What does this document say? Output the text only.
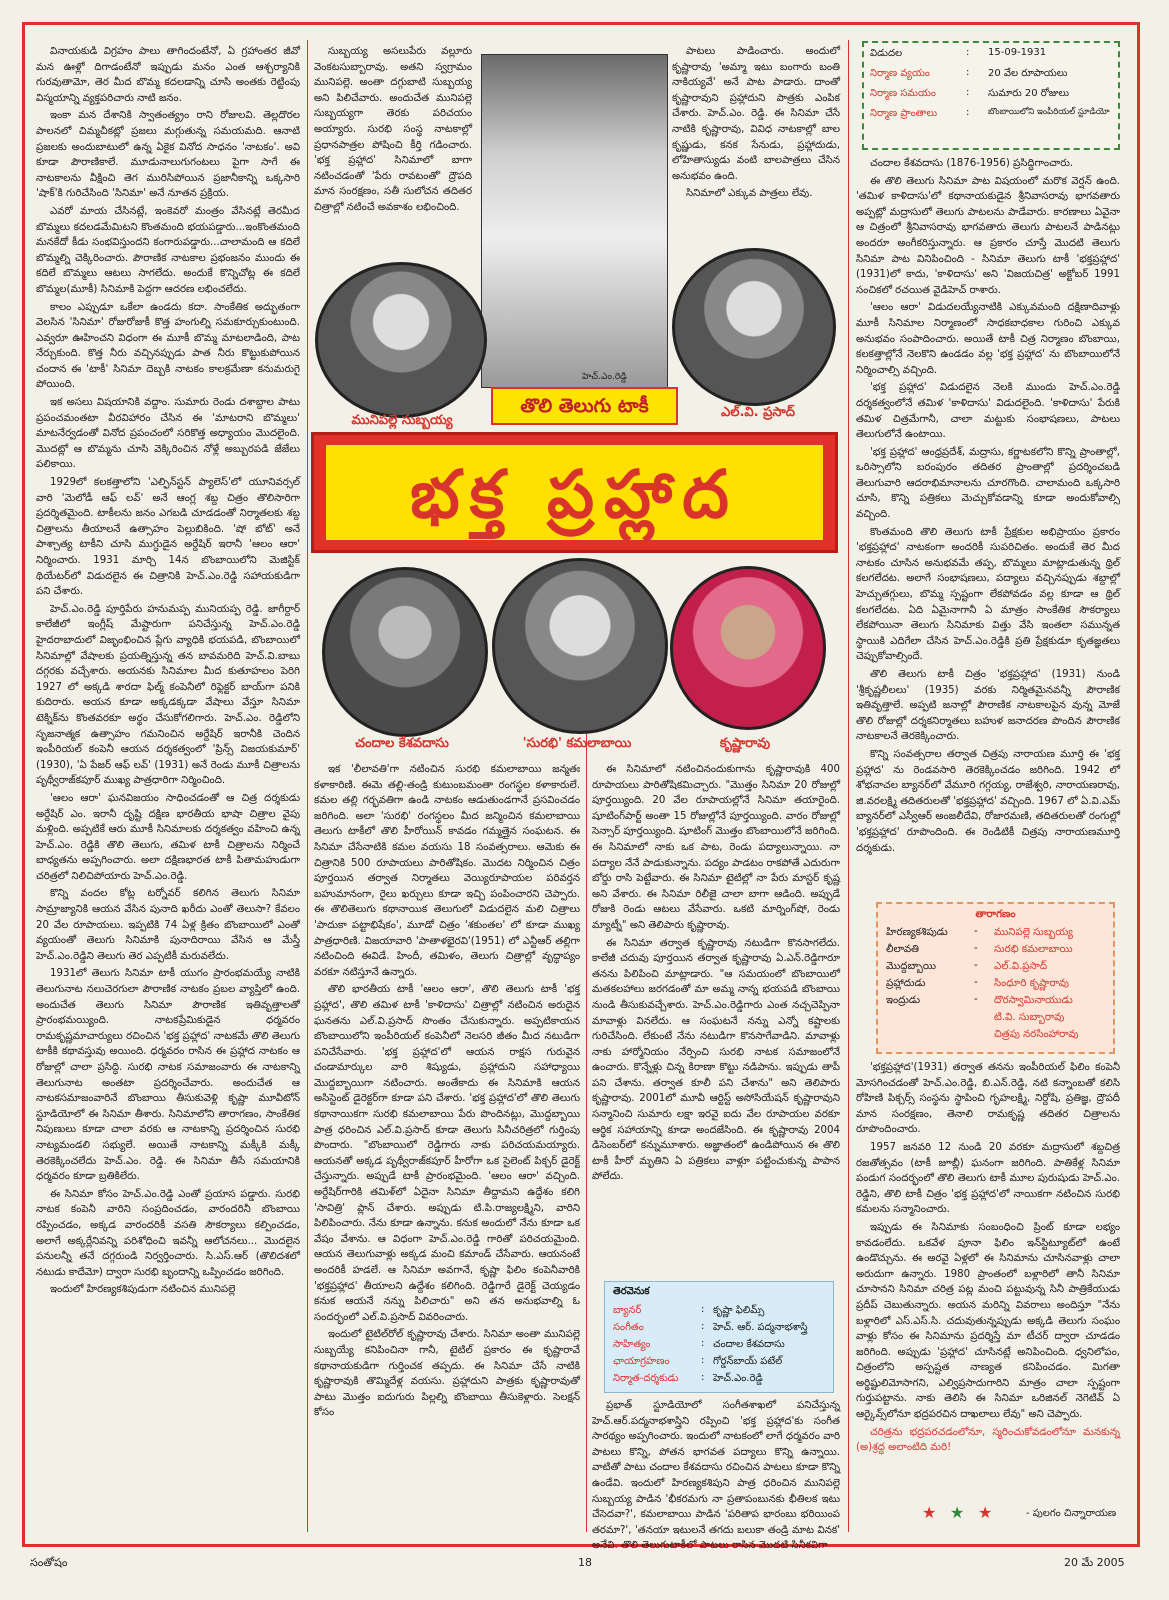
వినాయకుడి విగ్రహం పాలు తాగిందంటేనో, ఏ గ్రహాంతర జీవో మన ఊళ్లో దిగాడంటేనో ఇప్పుడు మనం ఎంత ఆశ్చర్యానికి గురవుతామో, తెర మీద బొమ్మ కదలడాన్ని చూసి అంతకు రెట్టింపు విస్మయాన్ని వ్యక్తపరిచారు నాటి జనం.

ఇంకా మన దేశానికి స్వాతంత్య్రం రాని రోజులవి. తెల్లదొరల పాలనలో చిమ్మచీకట్లో ప్రజలు మగ్గుతున్న సమయమది. ఆనాటి ప్రజలకు అందుబాటులో ఉన్న ఏకైక వినోద సాధనం 'నాటకం'. అవి కూడా పౌరాణికాలే. మూడునాలుగుగంటలు పైగా సాగే ఈ నాటకాలను వీక్షించి తెగ మురిసిపోయిన ప్రజానీకాన్ని ఒక్కసారి 'షాక్'కి గురిచేసింది 'సినిమా' అనే నూతన ప్రక్రియ.

ఎవరో మాయ చేసినట్లే, ఇంకెవరో మంత్రం వేసినట్లే తెరమీద బొమ్మలు కదలడమేమిటని కొంతమంది భయపడ్డారు...ఇంకొంతమంది మనకేదో కీడు సంభవిస్తుందని కంగారుపడ్డారు...చాలామంది ఆ కదిలే బొమ్మల్ని చెక్కిరించారు. పౌరాణిక నాటకాల ప్రభంజనం ముందు ఈ కదిలే బొమ్మలు ఆటలు సాగలేదు. అందుకే కొన్నిచోట్ల ఈ కదిలే బొమ్మల(మూకీ) సినిమాకి పెద్దగా ఆదరణ లభించలేదు.

కాలం ఎప్పుడూ ఒకేలా ఉండదు కదా. సాంకేతిక అద్భుతంగా వెలసిన 'సినిమా' రోజురోజుకీ కొత్త హంగుల్ని సమకూర్చుకుంటుంది. ఎవ్వరూ ఊహించని విధంగా ఈ మూకీ బొమ్మ మాటలాడింది, పాట నేర్చుకుంది. కొత్త నీరు వచ్చినప్పుడు పాత నీరు కొట్టుకుపోయిన చందాన ఈ 'టాకీ' సినిమా దెబ్బకి నాటకం కాలక్రమేణా కనుమరుగై పోయింది.

ఇక అసలు విషయానికి వద్దాం. సుమారు రెండు దశాబ్దాల పాటు ప్రపంచమంతటా వీరవిహారం చేసిన ఈ 'మాటరాని బొమ్మలు' మాటనేర్వడంతో వినోద ప్రపంచంలో సరికొత్త అధ్యాయం మొదలైంది. మొదట్లో ఆ బొమ్మను చూసి వెక్కిరించిన నోళ్లే అబ్బురపడి జేజేలు పలికాయి.

1929లో కలకత్తాలోని 'ఎల్ఫిన్‌స్టన్ ప్యాలెస్'లో యూనివర్సల్ వారి 'మెలోడీ ఆఫ్ లవ్' అనే ఆంగ్ల శబ్ద చిత్రం తొలిసారిగా ప్రదర్శితమైంది. టాకీలను జనం ఎగబడి చూడడంతో నిర్మాతలకు శబ్ద చిత్రాలను తీయాలనే ఉత్సాహం పెల్లుబికింది. 'షో బోట్' అనే పాశ్చాత్య టాకీని చూసి ముగ్ధుడైన అర్దేషిర్ ఇరానీ 'ఆలం ఆరా' నిర్మించారు. 1931 మార్చి 14న బొంబాయిలోని మెజిస్టిక్ థియేటర్‌లో విడుదలైన ఈ చిత్రానికి హెచ్.ఎం.రెడ్డి సహాయకుడిగా పని చేశారు.

హెచ్.ఎం.రెడ్డి పూర్తిపేరు హనుమప్ప మునియప్ప రెడ్డి. జాగీర్దార్ కాలేజీలో ఇంగ్లీష్ మేష్టారుగా పనిచేస్తున్న హెచ్.ఎం.రెడ్డి హైదరాబాదులో విజృంభించిన ప్లేగు వ్యాధికి భయపడి, బొంబాయిలో సినిమాల్లో వేషాలకు ప్రయత్నిస్తున్న తన బావమరిది హెచ్.వి.బాబు దగ్గరకు వచ్చేశారు. అయనకు సినిమాల మీద కుతూహలం పెరిగి 1927 లో అక్కడి శారదా ఫిల్మ్ కంపెనీలో రిఫ్లెక్టర్ బాయ్‌గా పనికి కుదిరారు. అయన కూడా అక్కడక్కడా వేషాలు వేస్తూ సినిమా టెక్నిక్‌ను కొంతవరకూ అర్థం చేసుకోగలిగారు. హెచ్.ఎం. రెడ్డిలోని సృజనాత్మక ఉత్సాహం గమనించిన అర్దేషిర్ ఇరానీకి చెందిన ఇంపీరియల్ కంపెనీ ఆయన దర్శకత్వంలో 'ప్రిన్స్ విజయకుమార్' (1930), 'ఏ పేజర్ ఆఫ్ లవ్' (1931) అనే రెండు మూకీ చిత్రాలను పృథ్వీరాజ్‌కపూర్ ముఖ్య పాత్రధారిగా నిర్మించింది.

'ఆలం ఆరా' ఘనవిజయం సాధించడంతో ఆ చిత్ర దర్శకుడు అర్దేషిర్ ఎం. ఇరానీ దృష్టి దక్షిణ భారతీయ భాషా చిత్రాల వైపు మళ్లింది. అప్పటికే ఆరు మూకీ సినిమాలకు దర్శకత్వం వహించి ఉన్న హెచ్.ఎం. రెడ్డికి తొలి తెలుగు, తమిళ టాకీ చిత్రాలను నిర్మించే బాధ్యతను అప్పగించారు. అలా దక్షిణభారత టాకీ పితామహుడుగా చరిత్రలో నిలిచిపోయారు హెచ్.ఎం.రెడ్డి.

కొన్ని వందల కోట్ల టర్నోవర్ కలిగిన తెలుగు సినిమా సామ్రాజ్యానికి ఆయన వేసిన పునాది ఖరీదు ఎంతో తెలుసా? కేవలం 20 వేల రూపాయలు. ఇప్పటికి 74 ఏళ్ల క్రితం బొంబాయిలో ఎంతో వ్యయంతో తెలుగు సినిమాకి పునాదిరాయి వేసిన ఆ మేస్త్రీ హెచ్.ఎం.రెడ్డిని తెలుగు తెర ఎప్పటికీ మరువలేదు.

1931లో తెలుగు సినిమా టాకీ యుగం ప్రారంభమయ్యే నాటికి తెలుగునాట నలుచెరగులా పౌరాణిక నాటకం ప్రబల వ్యాప్తిలో ఉంది. అందుచేత తెలుగు సినిమా పౌరాణిక ఇతివృత్తాలతో ప్రారంభమయ్యింది. నాటకప్రేమికుడైన ధర్మవరం రామకృష్ణమాచార్యులు రచించిన 'భక్త ప్రహ్లాద' నాటకమే తొలి తెలుగు టాకీకి కథావస్తువు అయింది. ధర్మవరం రాసిన ఈ ప్రహ్లాద నాటకం ఆ రోజుల్లో చాలా ప్రసిద్ధి. సురభి నాటక సమాజంవారు ఈ నాటకాన్ని తెలుగునాట అంతటా ప్రదర్శించేవారు. అందుచేత ఆ నాటకసమాజంవారినే బొంబాయి తీసుకువెళ్లి కృష్ణా మూవీటోన్ స్టూడియోలో ఈ సినిమా తీశారు. సినిమాలోని తారాగణం, సాంకేతిక నిపుణులు కూడా చాలా వరకు ఆ నాటకాన్ని ప్రదర్శించిన సురభి నాట్యమండలి సభ్యులే. అయితే నాటకాన్ని మక్కీకి మక్కీ తెరకెక్కించలేదు హెచ్.ఎం. రెడ్డి. ఈ సినిమా తీసే సమయానికి ధర్మవరం కూడా బ్రతికిలేరు.

ఈ సినిమా కోసం హెచ్.ఎం.రెడ్డి ఎంతో ప్రయాస పడ్డారు. సురభి నాటక కంపెనీ వారిని సంప్రదించడం, వారందరినీ బొంబాయి రప్పించడం, అక్కడ వారందరికీ వసతి సౌకర్యాలు కల్పించడం, అలాగే అక్కర్లేనివన్ని పరిశోధించి ఇవన్నీ ఆలోచనలు... మొదలైన పనులన్నీ తనే దగ్గరుండి నిర్వర్తించారు. సి.ఎస్.ఆర్ (తొలిదశలో నటుడు కాదేమో) ద్వారా సురభి బృందాన్ని ఒప్పించడం జరిగింది.

ఇందులో హిరణ్యకశిపుడుగా నటించిన మునిపల్లె

సుబ్బయ్య అసలుపేరు వల్లూరు వెంకటసుబ్బారావు. అతని స్వగ్రామం మునిపల్లె. అంతా దగ్గుబాటి సుబ్బయ్య అని పిలిచేవారు. అందుచేత మునిపల్లె సుబ్బయ్యగా తెరకు పరిచయం అయ్యారు. సురభి సంస్థ నాటకాల్లో ప్రధానపాత్రల పోషించి కీర్తి గడించారు. 'భక్త ప్రహ్లాద' సినిమాలో బాగా నటించడంతో 'పేరు రావటంతో' ద్రౌపది మాన సంరక్షణం, సతీ సులోచన తదితర చిత్రాల్లో నటించే అవకాశం లభించింది.

పాటలు పాడించారు. అందులో కృష్ణారావు 'అమ్మా ఇటు బంగారు బంతి నాకియ్యవే' అనే పాట పాడారు. దాంతో కృష్ణారావుని ప్రహ్లాదుని పాత్రకు ఎంపిక చేశారు. హెచ్.ఎం. రెడ్డి. ఈ సినిమా చేసే నాటికి కృష్ణారావు, వివిధ నాటకాల్లో బాల కృష్ణుడు, కనక సేనుడు, ప్రహ్లాదుడు, లోహితాస్యుడు వంటి బాలపాత్రలు చేసిన అనుభవం ఉంది.

సినిమాలో ఎక్కువ పాత్రలు లేవు.

హెచ్.ఎం.రెడ్డి
మునిపల్లె సుబ్బయ్య
ఎల్.వి. ప్రసాద్
తొలి తెలుగు టాకీ
భక్త ప్రహ్లాద
చందాల కేశవదాసు	'సురభి' కమలాబాయి	కృష్ణారావు

ఇక 'లీలావతి'గా నటించిన సురభి కమలాబాయి జన్మతః కళాకారిణి. ఈమె తల్లి-తండ్రి కుటుంబమంతా రంగస్థల కళాకారులే. కమల తల్లి గర్భవతిగా ఉండి నాటకం ఆడుతుండగానే ప్రసవించడం జరిగింది. అలా 'సురభి' రంగస్థలం మీద జన్మించిన కమలాబాయి తెలుగు టాకీలో తొలి హీరోయిన్ కావడం గమ్మత్తైన సంఘటన. ఈ సినిమా చేసేనాటికి కమల వయసు 18 సంవత్సరాలు. ఆమెకు ఈ చిత్రానికి 500 రూపాయలు పారితోషికం. మొదట నిర్మించిన చిత్రం పూర్తయిన తర్వాత నిర్మాతలు వెయ్యిరూపాయల పరివర్తన బహుమానంగా, రైలు ఖర్చులు కూడా ఇచ్చి పంపించారని చెప్పారు. ఈ తొలితెలుగు కథానాయిక తెలుగులో విడుదలైన మలి చిత్రాలు 'పాదుకా పట్టాభిషేకం', మూడో చిత్రం 'శకుంతల' లో కూడా ముఖ్య పాత్రధారిణి. విజయావారి 'పాతాళభైరవి'(1951) లో ఎన్టీఆర్ తల్లిగా నటించింది ఈవిడే. హిందీ, తమిళం, తెలుగు చిత్రాల్లో వృద్ధాప్యం వరకూ నటిస్తూనే ఉన్నారు.

తొలి భారతీయ టాకీ 'ఆలం ఆరా', తొలి తెలుగు టాకీ 'భక్త ప్రహ్లాద', తొలి తమిళ టాకీ 'కాళిదాసు' చిత్రాల్లో నటించిన అరుదైన ఘనతను ఎల్.వి.ప్రసాద్ సొంతం చేసుకున్నారు. అప్పటికాయన బొంబాయిలోని ఇంపీరియల్ కంపెనీలో నెలసరి జీతం మీద నటుడిగా పనిచేసేవారు. 'భక్త ప్రహ్లాద'లో ఆయన రాక్షస గురువైన చండామార్కుల వారి శిష్యుడు, ప్రహ్లాదుని సహాధ్యాయి మొద్దబ్బాయిగా నటించారు. అంతేకాదు ఈ సినిమాకి ఆయన అసిస్టెంట్ డైరెక్టర్‌గా కూడా పని చేశారు. 'భక్త ప్రహ్లాద'లో తొలి తెలుగు కథానాయికగా సురభి కమలాబాయి పేరు పొందినట్లు, మొద్దబ్బాయి పాత్ర ధరించిన ఎల్.వి.ప్రసాద్ కూడా తెలుగు సినీచరిత్రలో గుర్తింపు పొందారు. "బొంబాయిలో రెడ్డిగారు నాకు పరిచయమయ్యారు. ఆయనతో అక్కడ పృథ్వీరాజ్‌కపూర్ హీరోగా ఒక సైలెంట్ పిక్చర్ డైరెక్ట్ చేస్తున్నారు. అప్పుడే టాకీ ప్రారంభమైంది. 'ఆలం ఆరా' వచ్చింది. అర్దేషిర్‌గారికి తమిళ్‌లో ఏదైనా సినిమా తీద్దామని ఉద్దేశం కలిగి 'సావిత్రి' ప్లాన్ చేశారు. అప్పుడు టి.పి.రాజ్యలక్ష్మిని, వారిని పిలిపించారు. నేను కూడా ఉన్నాను. కనుక అందులో నేను కూడా ఒక వేషం వేశాను. ఆ విధంగా హెచ్.ఎం.రెడ్డి గారితో పరిచయమైంది. ఆయన తెలుగువాళ్లు అక్కడ మంచి కమాండ్ చేసేవారు. ఆయనంటే అందరికీ హడలే. ఆ సినిమా అవగానే, కృష్ణా ఫిలిం కంపెనీవారికి 'భక్తప్రహ్లాద' తీయాలని ఉద్దేశం కలిగింది. రెడ్డిగారే డైరెక్ట్ చెయ్యడం కనుక ఆయనే నన్ను పిలిచారు" అని తన అనుభవాల్ని ఓ సందర్భంలో ఎల్.వి.ప్రసాద్ వివరించారు.

ఇందులో టైటిల్‌రోల్ కృష్ణారావు చేశారు. సినిమా అంతా మునిపల్లె సుబ్బయ్యే కనిపించినా గానీ, టైటిల్ ప్రకారం ఈ కృష్ణారావే కథానాయకుడిగా గుర్తించక తప్పదు. ఈ సినిమా చేసే నాటికి కృష్ణారావుకి తొమ్మిదేళ్ల వయసు. ప్రహ్లాదుని పాత్రకు కృష్ణారావుతో పాటు మొత్తం ఐదుగురు పిల్లల్ని బొంబాయి తీసుకెళ్లారు. సెలక్షన్ కోసం

ఈ సినిమాలో నటించినందుకుగాను కృష్ణారావుకి 400 రూపాయలు పారితోషికమిచ్చారు. "మొత్తం సినిమా 20 రోజుల్లో పూర్తయ్యింది. 20 వేల రూపాయల్లోనే సినిమా తయారైంది. షూటింగ్‌పార్ట్ అంతా 15 రోజుల్లోనే పూర్తయ్యింది. వారం రోజుల్లో సెన్సార్ పూర్తయ్యింది. షూటింగ్ మొత్తం బొంబాయిలోనే జరిగింది. ఈ సినిమాలో నాకు ఒక పాట, రెండు పద్యాలున్నాయి. నా పద్యాల నేనే పాడుకున్నాను. పద్యం పాడటం రాకపోతే ఎదురుగా బోర్డు రాసి పెట్టేవారు. ఈ సినిమా టైటిల్లో నా పేరు మాస్టర్ కృష్ణ అని వేశారు. ఈ సినిమా రిలీజై చాలా బాగా ఆడింది. అప్పుడే రోజుకి రెండు ఆటలు వేసేవారు. ఒకటి మార్నింగ్‌షో, రెండు మ్యాట్నీ" అని తెలిపారు కృష్ణారావు.

ఈ సినిమా తర్వాత కృష్ణారావు నటుడిగా కొనసాగలేదు. కాలేజీ చదువు పూర్తయిన తర్వాత కృష్ణారావు ఏ.ఎన్.రెడ్డిగారూ తనను పిలిపించి మాట్లాడారు. "ఆ సమయంలో బొంబాయిలో మతకలహాలు జరగడంతో మా అమ్మ నాన్న భయపడి బొంబాయి నుండి తీసుకువచ్చేశారు. హెచ్.ఎం.రెడ్డిగారు ఎంత నచ్చచెప్పినా మావాళ్లు వినలేదు. ఆ సంఘటనే నన్ను ఎన్నో కష్టాలకు గురిచేసింది. లేకుంటే నేను నటుడిగా కొనసాగేవాడిని. మావాళ్లు నాకు హార్మోనియం నేర్పించి సురభి నాటక సమాజంలోనే ఉంచారు. కొన్నేళ్లు చిన్న కిరాణా కొట్టు నడిపాను. ఇప్పుడు తాపీ పని చేశాను. తర్వాత కూలీ పని చేశాను" అని తెలిపారు కృష్ణారావు. 2001లో మూవీ ఆర్టిస్ట్ అసోసియేషన్ కృష్ణారావుని సన్మానించి సుమారు లక్షా ఇరవై ఐదు వేల రూపాయల వరకూ ఆర్థిక సహాయాన్ని కూడా అందజేసింది. ఈ కృష్ణారావు 2004 డిసెంబర్‌లో కన్నుమూశారు. అజ్ఞాతంలో ఉండిపోయిన ఈ తొలి టాకీ హీరో మృతిని ఏ పత్రికలు వాళ్లూ పట్టించుకున్న పాపాన పోలేదు.

తెరవెనుక
బ్యానర్	: కృష్ణా ఫిలిమ్స్
సంగీతం	: హెచ్. ఆర్. పద్మనాభశాస్త్రి
సాహిత్యం	: చందాల కేశవదాసు
ఛాయాగ్రహణం	: గోర్డన్‌బాయ్ పటేల్
నిర్మాత-దర్శకుడు : హెచ్.ఎం.రెడ్డి

ప్రభాత్ స్టూడియోలో సంగీతశాఖలో పనిచేస్తున్న హెచ్.ఆర్.పద్మనాభశాస్త్రిని రప్పించి 'భక్త ప్రహ్లాద'కు సంగీత సారథ్యం అప్పగించారు. ఇందులో నాటకంలో లాగే ధర్మవరం వారి పాటలు కొన్ని, పోతన భాగవత పద్యాలు కొన్ని ఉన్నాయి. వాటితో పాటు చందాల కేశవదాసు రచించిన పాటలు కూడా కొన్ని ఉండేవి. ఇందులో హిరణ్యకశిపుని పాత్ర ధరించిన మునిపల్లె సుబ్బయ్య పాడిన 'భీకరమగు నా ప్రతాపంబునకు భీతిలక ఇటు చేసెదవా?', కమలాబాయి పాడిన 'పరితాప భారంబు భరియింప తరమా?', 'తనయా ఇటులనే తగదు బలుకా తండ్రి మాట వినక' అనేవి. తొలి తెలుగుటాకీలో పాటలు రాసిన మొదటి సినీకవిగా

విడుదల	: 15-09-1931
నిర్మాణ వ్యయం	: 20 వేల రూపాయలు
నిర్మాణ సమయం	: సుమారు 20 రోజులు
నిర్మాణ ప్రాంతాలు	: బొంబాయిలోని ఇంపీరియల్ స్టూడియో

చందాల కేశవదాసు (1876-1956) ప్రసిద్ధిగాంచారు.

ఈ తొలి తెలుగు సినిమా పాట విషయంలో మరొక వెర్షన్ ఉంది. 'తమిళ కాళిదాసు'లో కథానాయకుడైన శ్రీనివాసరావు భాగవతారు అప్పట్లో మద్రాసులో తెలుగు పాటలను పాడేవారు. కారణాలు ఏవైనా ఆ చిత్రంలో శ్రీనివాసరావు భాగవతారు తెలుగు పాటలనే పాడినట్లు అందరూ అంగీకరిస్తున్నారు. ఆ ప్రకారం చూస్తే మొదటి తెలుగు సినిమా పాట వినిపించింది - సినిమా తెలుగు టాకీ 'భక్తప్రహ్లాద' (1931)లో కాదు, 'కాళిదాసు' అని 'విజయచిత్ర' అక్టోబర్ 1991 సంచికలో రచయిత వైడిహెచ్ రాశారు.

'ఆలం ఆరా' విడుదలయ్యేనాటికి ఎక్కువమంది దక్షిణాదివాళ్లు మూకీ సినిమాల నిర్మాణంలో సాధకబాధకాల గురించి ఎక్కువ అనుభవం సంపాదించారు. అయితే టాకీ చిత్ర నిర్మాణం బొంబాయి, కలకత్తాల్లోనే నెలకొని ఉండడం వల్ల 'భక్త ప్రహ్లాద' ను బొంబాయిలోనే నిర్మించాల్సి వచ్చింది.

'భక్త ప్రహ్లాద' విడుదలైన నెలకి ముందు హెచ్.ఎం.రెడ్డి దర్శకత్వంలోనే తమిళ 'కాళిదాసు' విడుదలైంది. 'కాళిదాసు' పేరుకి తమిళ చిత్రమేగానీ, చాలా మట్టుకు సంభాషణలు, పాటలు తెలుగులోనే ఉంటాయి.

'భక్త ప్రహ్లాద' ఆంధ్రప్రదేశ్, మద్రాసు, కర్ణాటకలోని కొన్ని ప్రాంతాల్లో, ఒరిస్సాలోని బరంపురం తదితర ప్రాంతాల్లో ప్రదర్శించబడి తెలుగువారి ఆదరాభిమానాలను చూరగొంది. చాలామంది ఒక్కసారి చూసి, కొన్ని పత్రికలు మెచ్చుకోవడాన్ని కూడా అందుకోవాల్సి వచ్చింది.

కొంతమంది తొలి తెలుగు టాకీ ప్రేక్షకుల అభిప్రాయం ప్రకారం 'భక్తప్రహ్లాద' నాటకంగా అందరికీ సుపరిచితం. అందుకే తెర మీద నాటకం చూసిన అనుభవమే తప్ప, బొమ్మలు మాట్లాడుతున్న థ్రిల్ కలగలేదట. అలాగే సంభాషణలు, పద్యాలు వచ్చినప్పుడు శబ్దాల్లో హెచ్చుతగ్గులు, బొమ్మ స్పష్టంగా లేకపోవడం వల్ల కూడా ఆ థ్రిల్ కలగలేదట. ఏది ఏమైనాగానీ ఏ మాత్రం సాంకేతిక సౌకర్యాలు లేకపోయినా తెలుగు సినిమాకు విత్తు వేసి ఇంతలా సమున్నత స్థాయికి ఎదిగేలా చేసిన హెచ్.ఎం.రెడ్డికి ప్రతి ప్రేక్షకుడూ కృతజ్ఞతలు చెప్పుకోవాల్సిందే.

తొలి తెలుగు టాకీ చిత్రం 'భక్తప్రహ్లాద' (1931) నుండి 'శ్రీకృష్ణలీలలు' (1935) వరకు నిర్మితమైనవన్నీ పౌరాణిక ఇతివృత్తాలే. అప్పటి జనాల్లో పౌరాణిక నాటకాలపైన వున్న మోజే తొలి రోజుల్లో దర్శకనిర్మాతలు బహుళ జనాదరణ పొందిన పౌరాణిక నాటకాలనే తెరకెక్కించారు.

కొన్ని సంవత్సరాల తర్వాత చిత్రపు నారాయణ మూర్తి ఈ 'భక్త ప్రహ్లాద' ను రెండవసారి తెరకెక్కించడం జరిగింది. 1942 లో శోభనాచల బ్యానర్‌లో వేమూరి గగ్గయ్య, రాజేశ్వరి, నారాయణరావు, జి.వరలక్ష్మి తదితరులతో 'భక్తప్రహ్లాద' వచ్చింది. 1967 లో ఏ.వి.ఎమ్ బ్యానర్‌లో ఎస్వీఆర్ అంజలీదేవి, రోజారమణి, తదితరులతో రంగుల్లో 'భక్తప్రహ్లాద' రూపొందింది. ఈ రెండిటికీ చిత్రపు నారాయణమూర్తి దర్శకుడు.

తారాగణం
హిరణ్యకశిపుడు	- మునిపల్లె సుబ్బయ్య
లీలావతి	- సురభి కమలాబాయి
మొద్దబ్బాయి	- ఎల్.వి.ప్రసాద్
ప్రహ్లాదుడు	- సింధూరి కృష్ణారావు
ఇంద్రుడు	- దొరస్వామినాయుడు
టి.వి. సుబ్బారావు
చిత్రపు నరసింహారావు

'భక్తప్రహ్లాద'(1931) తర్వాత తనను ఇంపీరియల్ ఫిలిం కంపెనీ మోసగించడంతో హెచ్.ఎం.రెడ్డి, బి.ఎన్.రెడ్డి, నటి కన్నాంబతో కలిసి రోహిణి పిక్చర్స్ సంస్థను స్థాపించి గృహలక్ష్మి, నిర్దోషి, ప్రతిజ్ఞ, ద్రౌపదీ మాన సంరక్షణం, తెనాలి రామకృష్ణ తదితర చిత్రాలను రూపొందించారు.

1957 జనవరి 12 నుండి 20 వరకూ మద్రాసులో శబ్దచిత్ర రజతోత్సవం (టాకీ జూబ్లీ) ఘనంగా జరిగింది. పాతికేళ్ల సినిమా పండుగ సందర్భంలో తొలి తెలుగు టాకీ మూల పురుషుడు హెచ్.ఎం. రెడ్డిని, తొలి టాకీ చిత్రం 'భక్త ప్రహ్లాద'లో నాయికగా నటించిన సురభి కమలను సన్మానించారు.

ఇప్పుడు ఈ సినిమాకు సంబంధించి ప్రింట్ కూడా లభ్యం కావడంలేదు. ఒకవేళ పూనా ఫిలిం ఇన్‌స్టిట్యూట్‌లో ఉంటే ఉండొచ్చును. ఈ అరవై ఏళ్లలో ఈ సినిమాను చూసినవాళ్లు చాలా అరుదుగా ఉన్నారు. 1980 ప్రాంతంలో బళ్లారిలో తానీ సినిమా చూసానని సినిమా చరిత్ర పట్ల మంచి పట్టువున్న సినీ పాత్రికేయుడు ప్రదీప్ చెబుతున్నారు. అయన మరిన్ని వివరాలు అందిస్తూ "నేను బళ్లారిలో ఎస్.ఎస్.సి. చదువుతున్నప్పుడు అక్కడి తెలుగు సంఘం వాళ్లు కోసం ఈ సినిమాను ప్రదర్శిస్తే మా టీచర్ ద్వారా చూడడం జరిగింది. అప్పుడు 'ప్రహ్లాద' చూసినట్లే అనిపించింది. ధ్వనిలోపం, చిత్రంలోని అస్పష్టత నాణ్యత కనిపించడం. మిగతా అర్థిష్టులిమోసాగని, ఎల్విప్రసాదుగారిని మాత్రం చాలా స్పష్టంగా గుర్తుపట్టాను. నాకు తెలిసి ఈ సినిమా ఒరిజినల్ నెగెటివ్ ఏ ఆర్కైవ్స్‌లోనూ భద్రపరచిన దాఖలాలు లేవు" అని చెప్పారు.

చరిత్రను భద్రపరచడంలోనూ, స్మరించుకోవడంలోనూ మనకున్న (అ)శ్రద్ధ అలాంటిది మరి!

★ ★ ★	- పులగం చిన్నారాయణ
సంతోషం	18	20 మే 2005
